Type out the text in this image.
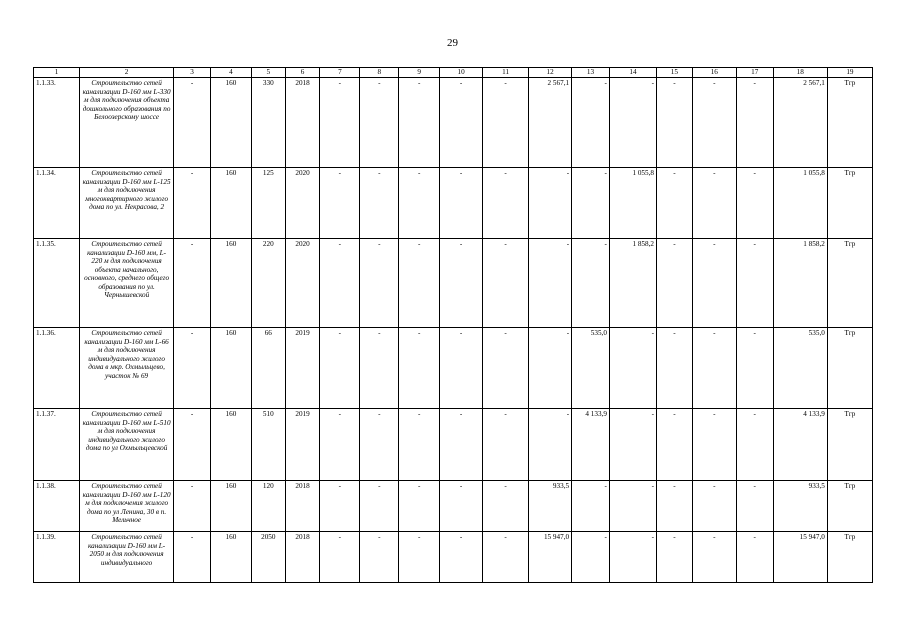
29
1	2	3	4	5	6	7	8	9	10	11	12	13	14	15	16	17	18	19
1.1.33.	Строительство сетей канализации D-160 мм L-330 м для подключения объекта дошкольного образования по Белоозерскому шоссе	-	160	330	2018	-	-	-	-	-	2 567,1	-	-	-	-	-	2 567,1	Тгр
1.1.34.	Строительство сетей канализации D-160 мм L-125 м для подключения многоквартирного жилого дома по ул. Некрасова, 2	-	160	125	2020	-	-	-	-	-	-	-	1 055,8	-	-	-	1 055,8	Тгр
1.1.35.	Строительство сетей канализации D-160 мм, L-220 м для подключения объекта начального, основного, среднего общего образования по ул. Чернышевской	-	160	220	2020	-	-	-	-	-	-	-	1 858,2	-	-	-	1 858,2	Тгр
1.1.36.	Строительство сетей канализации D-160 мм L-66 м для подключения индивидуального жилого дома в мкр. Охмыльцево, участок № 69	-	160	66	2019	-	-	-	-	-	-	535,0	-	-	-	-	535,0	Тгр
1.1.37.	Строительство сетей канализации D-160 мм L-510 м для подключения индивидуального жилого дома по ул Охмыльцевской	-	160	510	2019	-	-	-	-	-	-	4 133,9	-	-	-	-	4 133,9	Тгр
1.1.38.	Строительство сетей канализации D-160 мм L-120 м для подключения жилого дома по ул Ленина, 30 в п. Мельчное	-	160	120	2018	-	-	-	-	-	933,5	-	-	-	-	-	933,5	Тгр
1.1.39.	Строительство сетей канализации D-160 мм L-2050 м для подключения индивидуального	-	160	2050	2018	-	-	-	-	-	15 947,0	-	-	-	-	-	15 947,0	Тгр
